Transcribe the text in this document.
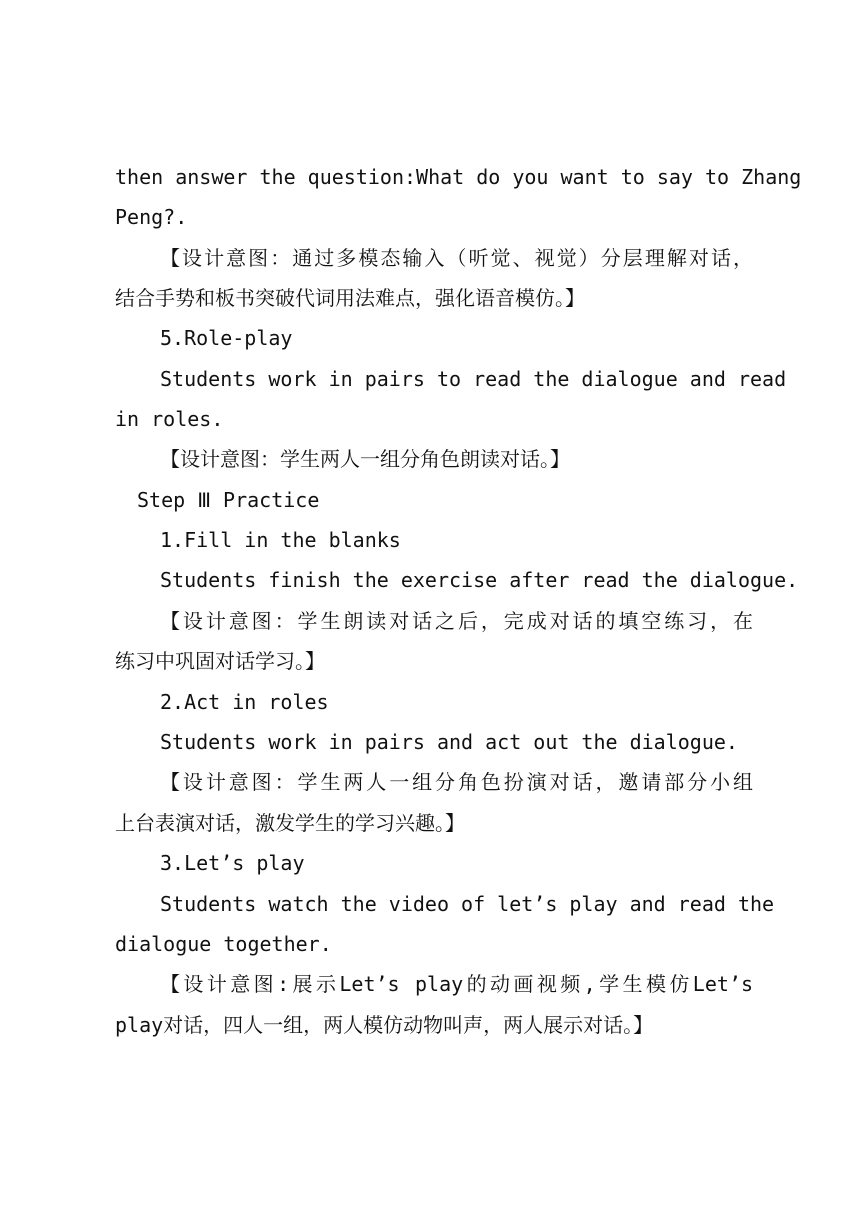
then answer the question:What do you want to say to Zhang
Peng?.
【设计意图：通过多模态输入（听觉、视觉）分层理解对话，
结合手势和板书突破代词用法难点，强化语音模仿。】
5.Role-play
Students work in pairs to read the dialogue and read
in roles.
【设计意图：学生两人一组分角色朗读对话。】
Step Ⅲ Practice
1.Fill in the blanks
Students finish the exercise after read the dialogue.
【设计意图：学生朗读对话之后，完成对话的填空练习，在
练习中巩固对话学习。】
2.Act in roles
Students work in pairs and act out the dialogue.
【设计意图：学生两人一组分角色扮演对话，邀请部分小组
上台表演对话，激发学生的学习兴趣。】
3.Let’s play
Students watch the video of let’s play and read the
dialogue together.
【设计意图:展示Let’s play的动画视频,学生模仿Let’s
play对话，四人一组，两人模仿动物叫声，两人展示对话。】
